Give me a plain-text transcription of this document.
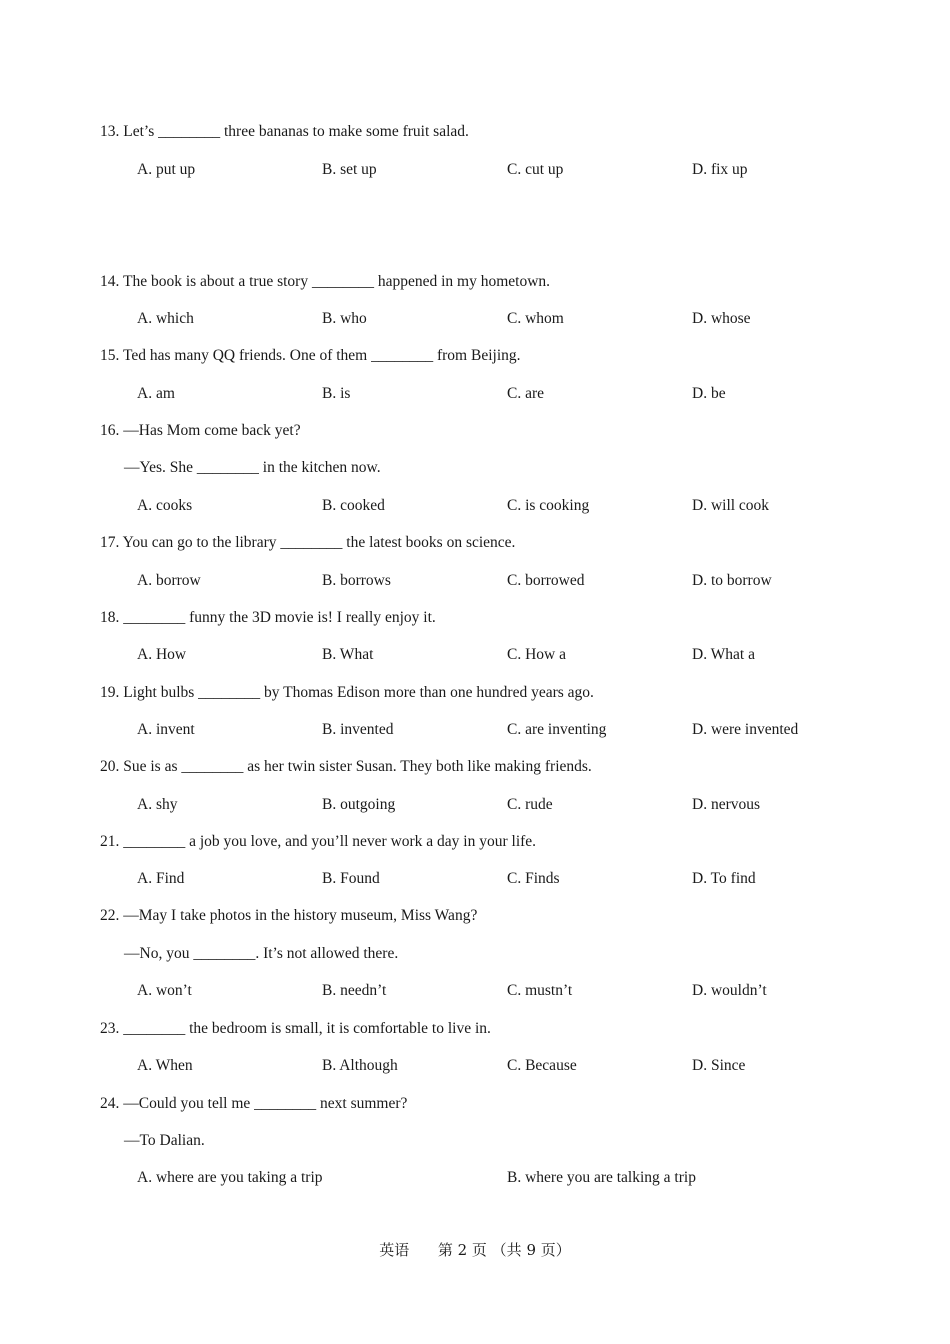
13. Let’s ________ three bananas to make some fruit salad.
A. put up	B. set up	C. cut up	D. fix up
14. The book is about a true story ________ happened in my hometown.
A. which	B. who	C. whom	D. whose
15. Ted has many QQ friends. One of them ________ from Beijing.
A. am	B. is	C. are	D. be
16. —Has Mom come back yet?
—Yes. She ________ in the kitchen now.
A. cooks	B. cooked	C. is cooking	D. will cook
17. You can go to the library ________ the latest books on science.
A. borrow	B. borrows	C. borrowed	D. to borrow
18. ________ funny the 3D movie is! I really enjoy it.
A. How	B. What	C. How a	D. What a
19. Light bulbs ________ by Thomas Edison more than one hundred years ago.
A. invent	B. invented	C. are inventing	D. were invented
20. Sue is as ________ as her twin sister Susan. They both like making friends.
A. shy	B. outgoing	C. rude	D. nervous
21. ________ a job you love, and you’ll never work a day in your life.
A. Find	B. Found	C. Finds	D. To find
22. —May I take photos in the history museum, Miss Wang?
—No, you ________. It’s not allowed there.
A. won’t	B. needn’t	C. mustn’t	D. wouldn’t
23. ________ the bedroom is small, it is comfortable to live in.
A. When	B. Although	C. Because	D. Since
24. —Could you tell me ________ next summer?
—To Dalian.
A. where are you taking a trip	B. where you are talking a trip
英语      第 2 页 （共 9 页）
